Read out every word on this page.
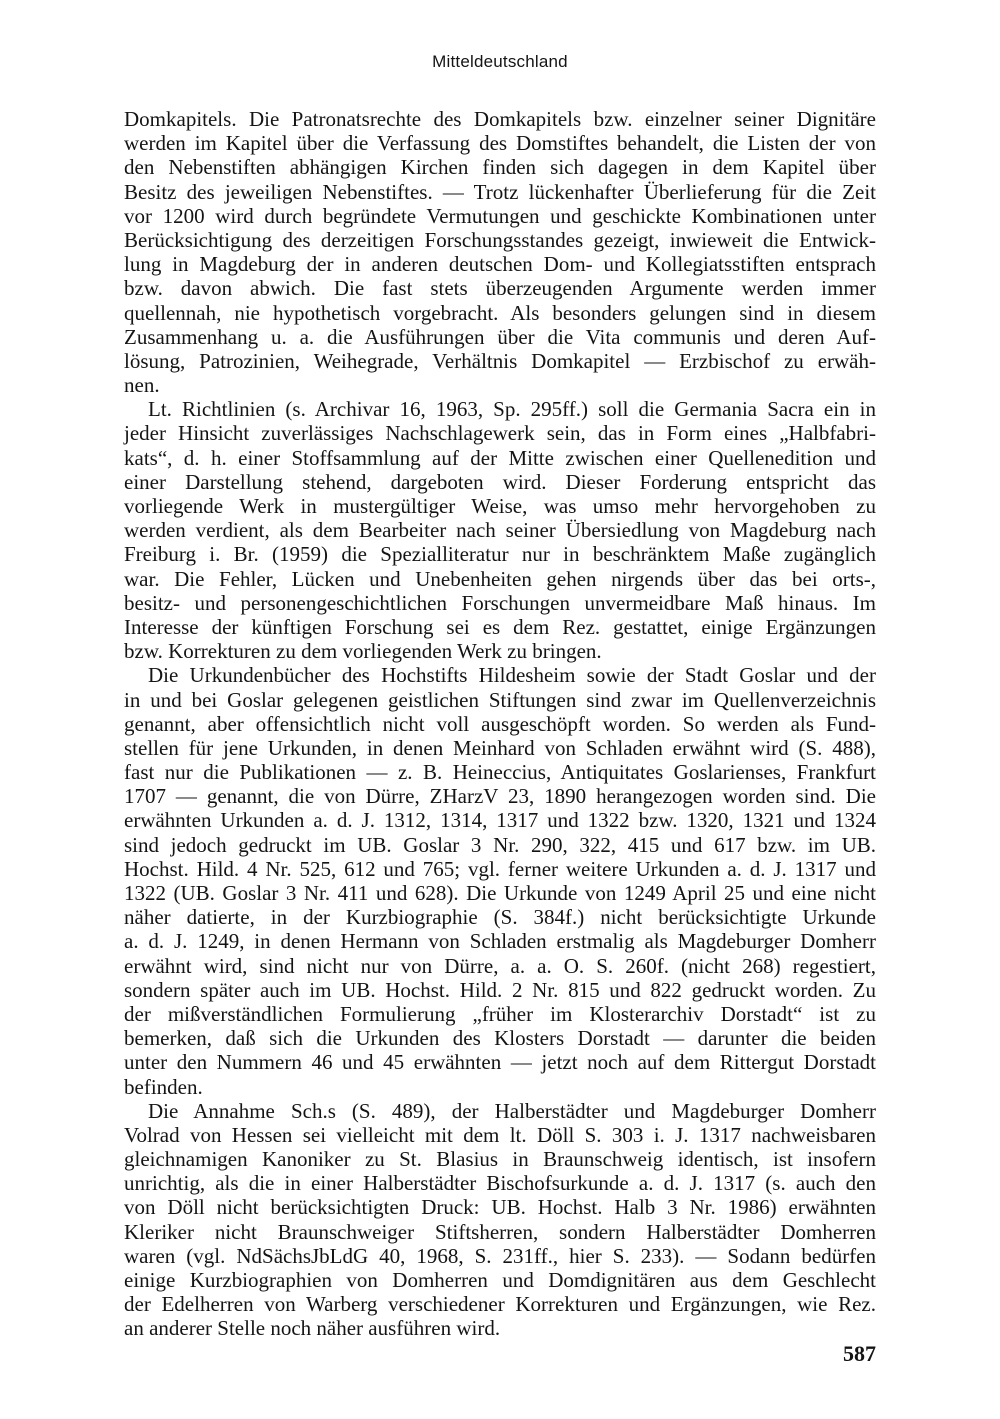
Mitteldeutschland
Domkapitels. Die Patronatsrechte des Domkapitels bzw. einzelner seiner Dignitäre
werden im Kapitel über die Verfassung des Domstiftes behandelt, die Listen der von
den Nebenstiften abhängigen Kirchen finden sich dagegen in dem Kapitel über
Besitz des jeweiligen Nebenstiftes. — Trotz lückenhafter Überlieferung für die Zeit
vor 1200 wird durch begründete Vermutungen und geschickte Kombinationen unter
Berücksichtigung des derzeitigen Forschungsstandes gezeigt, inwieweit die Entwick-
lung in Magdeburg der in anderen deutschen Dom- und Kollegiatsstiften entsprach
bzw. davon abwich. Die fast stets überzeugenden Argumente werden immer
quellennah, nie hypothetisch vorgebracht. Als besonders gelungen sind in diesem
Zusammenhang u. a. die Ausführungen über die Vita communis und deren Auf-
lösung, Patrozinien, Weihegrade, Verhältnis Domkapitel — Erzbischof zu erwäh-
nen.
Lt. Richtlinien (s. Archivar 16, 1963, Sp. 295ff.) soll die Germania Sacra ein in
jeder Hinsicht zuverlässiges Nachschlagewerk sein, das in Form eines „Halbfabri-
kats“, d. h. einer Stoffsammlung auf der Mitte zwischen einer Quellenedition und
einer Darstellung stehend, dargeboten wird. Dieser Forderung entspricht das
vorliegende Werk in mustergültiger Weise, was umso mehr hervorgehoben zu
werden verdient, als dem Bearbeiter nach seiner Übersiedlung von Magdeburg nach
Freiburg i. Br. (1959) die Spezialliteratur nur in beschränktem Maße zugänglich
war. Die Fehler, Lücken und Unebenheiten gehen nirgends über das bei orts-,
besitz- und personengeschichtlichen Forschungen unvermeidbare Maß hinaus. Im
Interesse der künftigen Forschung sei es dem Rez. gestattet, einige Ergänzungen
bzw. Korrekturen zu dem vorliegenden Werk zu bringen.
Die Urkundenbücher des Hochstifts Hildesheim sowie der Stadt Goslar und der
in und bei Goslar gelegenen geistlichen Stiftungen sind zwar im Quellenverzeichnis
genannt, aber offensichtlich nicht voll ausgeschöpft worden. So werden als Fund-
stellen für jene Urkunden, in denen Meinhard von Schladen erwähnt wird (S. 488),
fast nur die Publikationen — z. B. Heineccius, Antiquitates Goslarienses, Frankfurt
1707 — genannt, die von Dürre, ZHarzV 23, 1890 herangezogen worden sind. Die
erwähnten Urkunden a. d. J. 1312, 1314, 1317 und 1322 bzw. 1320, 1321 und 1324
sind jedoch gedruckt im UB. Goslar 3 Nr. 290, 322, 415 und 617 bzw. im UB.
Hochst. Hild. 4 Nr. 525, 612 und 765; vgl. ferner weitere Urkunden a. d. J. 1317 und
1322 (UB. Goslar 3 Nr. 411 und 628). Die Urkunde von 1249 April 25 und eine nicht
näher datierte, in der Kurzbiographie (S. 384f.) nicht berücksichtigte Urkunde
a. d. J. 1249, in denen Hermann von Schladen erstmalig als Magdeburger Domherr
erwähnt wird, sind nicht nur von Dürre, a. a. O. S. 260f. (nicht 268) regestiert,
sondern später auch im UB. Hochst. Hild. 2 Nr. 815 und 822 gedruckt worden. Zu
der mißverständlichen Formulierung „früher im Klosterarchiv Dorstadt“ ist zu
bemerken, daß sich die Urkunden des Klosters Dorstadt — darunter die beiden
unter den Nummern 46 und 45 erwähnten — jetzt noch auf dem Rittergut Dorstadt
befinden.
Die Annahme Sch.s (S. 489), der Halberstädter und Magdeburger Domherr
Volrad von Hessen sei vielleicht mit dem lt. Döll S. 303 i. J. 1317 nachweisbaren
gleichnamigen Kanoniker zu St. Blasius in Braunschweig identisch, ist insofern
unrichtig, als die in einer Halberstädter Bischofsurkunde a. d. J. 1317 (s. auch den
von Döll nicht berücksichtigten Druck: UB. Hochst. Halb 3 Nr. 1986) erwähnten
Kleriker nicht Braunschweiger Stiftsherren, sondern Halberstädter Domherren
waren (vgl. NdSächsJbLdG 40, 1968, S. 231ff., hier S. 233). — Sodann bedürfen
einige Kurzbiographien von Domherren und Domdignitären aus dem Geschlecht
der Edelherren von Warberg verschiedener Korrekturen und Ergänzungen, wie Rez.
an anderer Stelle noch näher ausführen wird.
587
